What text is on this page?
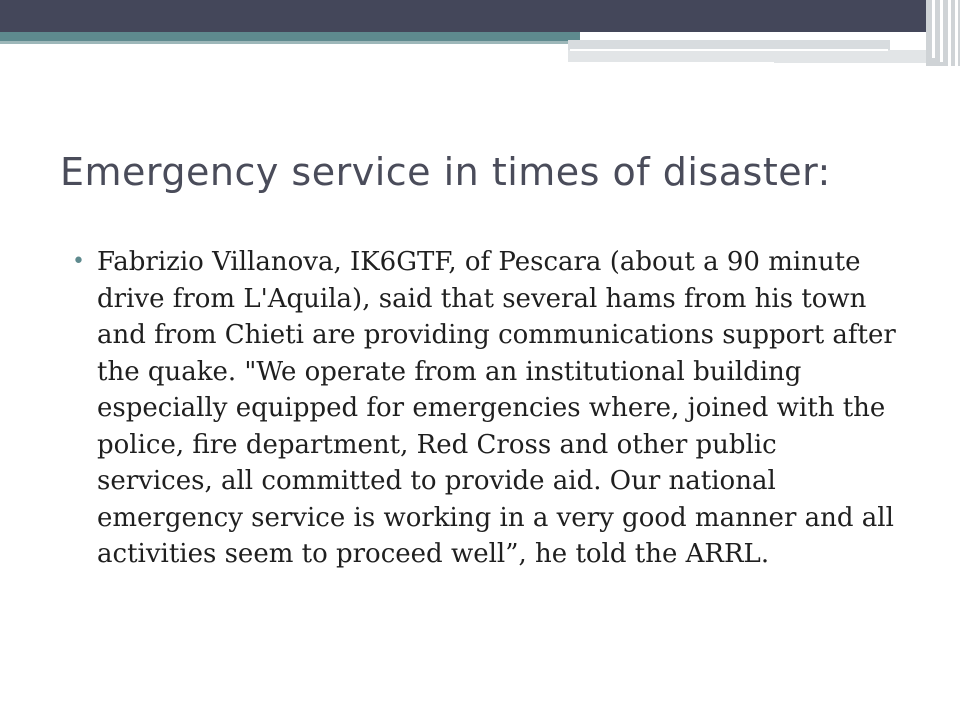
Emergency service in times of disaster:
• Fabrizio Villanova, IK6GTF, of Pescara (about a 90 minute drive from L'Aquila), said that several hams from his town and from Chieti are providing communications support after the quake. "We operate from an institutional building especially equipped for emergencies where, joined with the police, fire department, Red Cross and other public services, all committed to provide aid. Our national emergency service is working in a very good manner and all activities seem to proceed well”, he told the ARRL.
